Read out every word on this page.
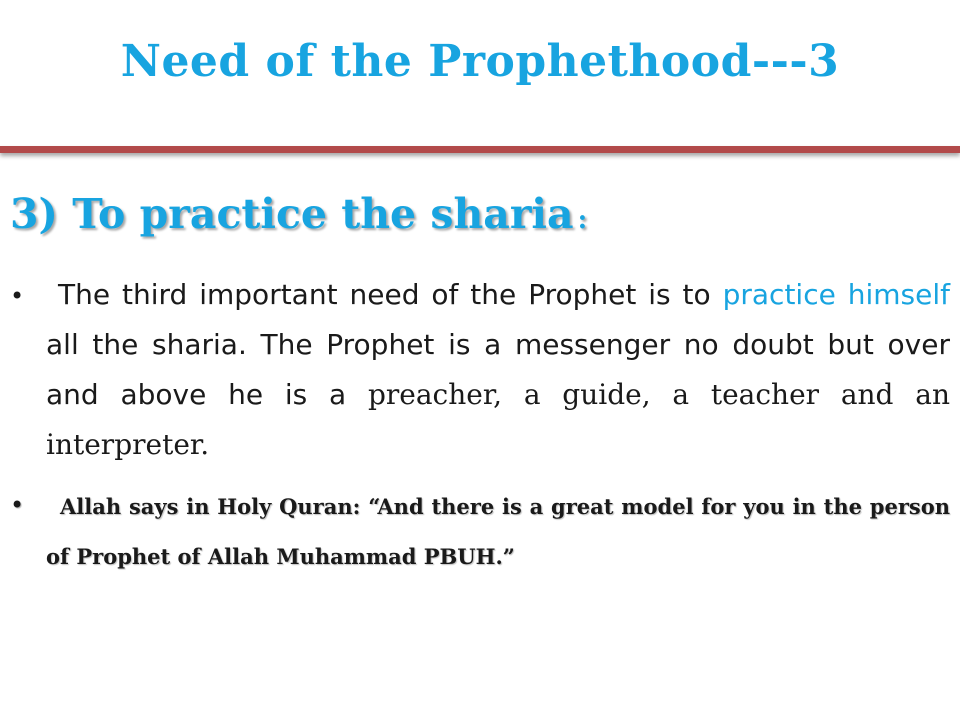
Need of the Prophethood---3
3) To practice the sharia :
•	The third important need of the Prophet is to practice himself all the sharia. The Prophet is a messenger no doubt but over and above he is a preacher, a guide, a teacher and an interpreter.
•	Allah says in Holy Quran: “And there is a great model for you in the person of Prophet of Allah Muhammad PBUH.”
